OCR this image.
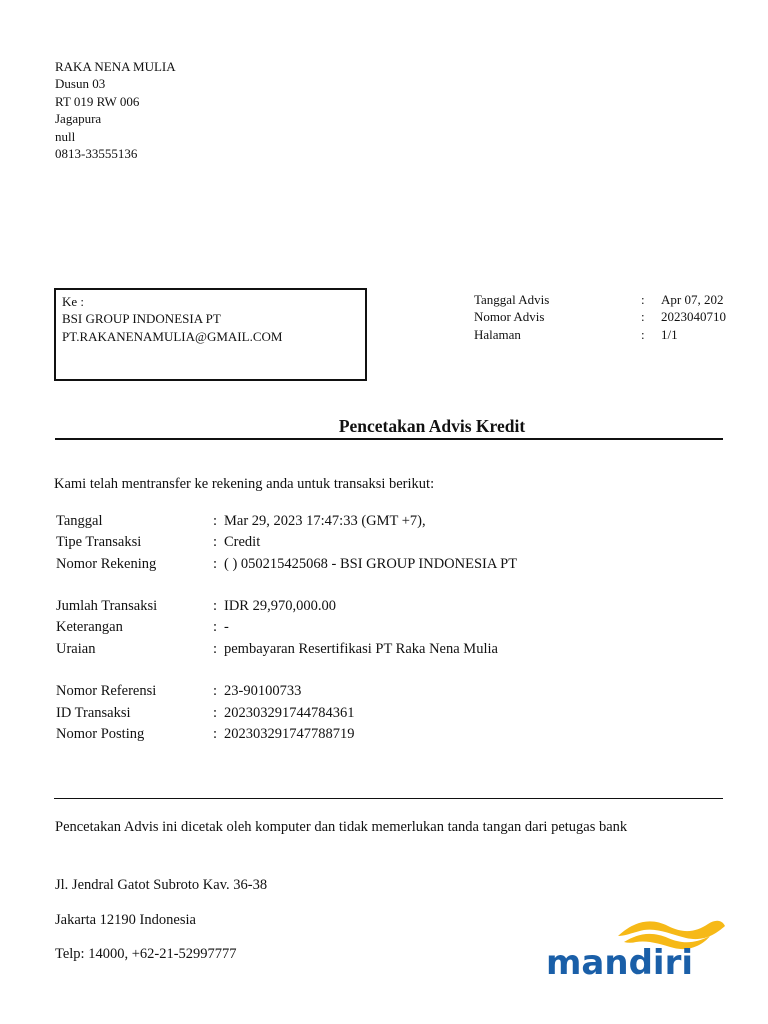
RAKA NENA MULIA
Dusun 03
RT 019 RW 006
Jagapura
null
0813-33555136
Ke :
BSI GROUP INDONESIA PT
PT.RAKANENAMULIA@GMAIL.COM
Tanggal Advis	: Apr 07, 202
Nomor Advis	: 2023040710
Halaman	: 1/1
Pencetakan Advis Kredit
Kami telah mentransfer ke rekening anda untuk transaksi berikut:
Tanggal	: Mar 29, 2023 17:47:33 (GMT +7),
Tipe Transaksi	: Credit
Nomor Rekening	: ( ) 050215425068 - BSI GROUP INDONESIA PT
Jumlah Transaksi	: IDR 29,970,000.00
Keterangan	: -
Uraian	: pembayaran Resertifikasi PT Raka Nena Mulia
Nomor Referensi	: 23-90100733
ID Transaksi	: 202303291744784361
Nomor Posting	: 202303291747788719
Pencetakan Advis ini dicetak oleh komputer dan tidak memerlukan tanda tangan dari petugas bank
Jl. Jendral Gatot Subroto Kav. 36-38
Jakarta 12190 Indonesia
Telp: 14000, +62-21-52997777	mandiri
